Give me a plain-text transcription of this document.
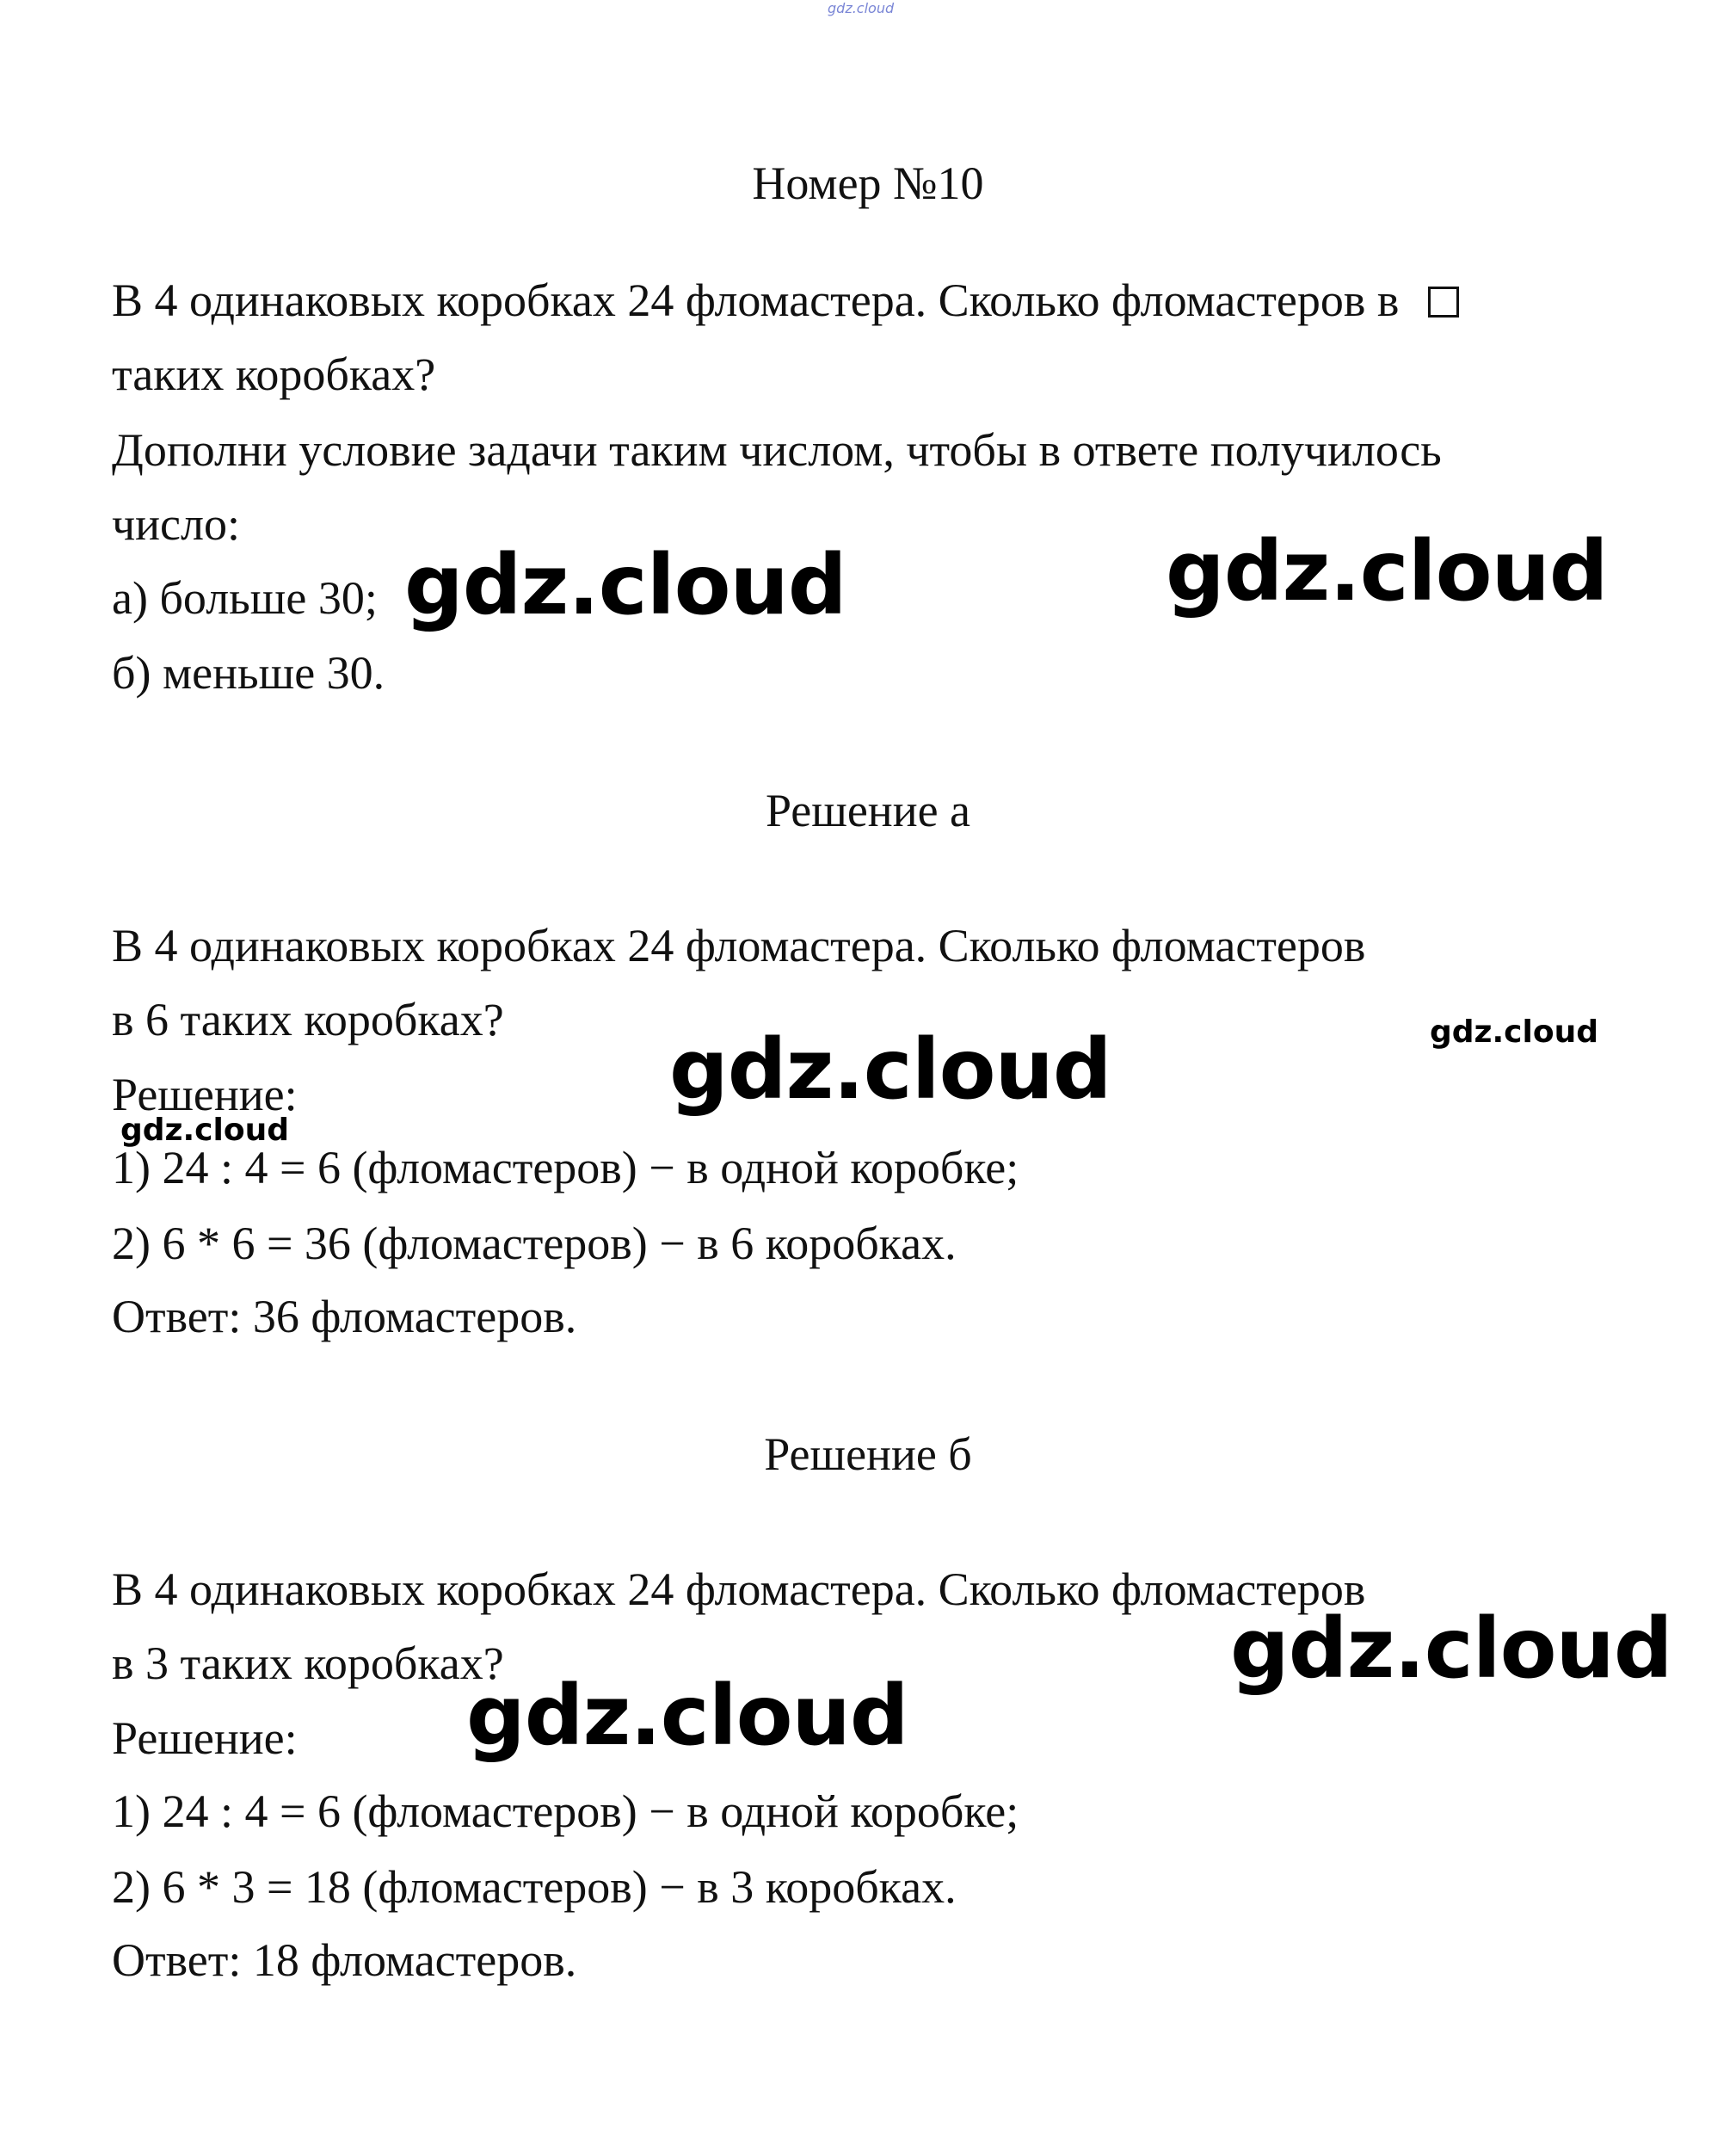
gdz.cloud
Номер №10
В 4 одинаковых коробках 24 фломастера. Сколько фломастеров в
таких коробках?
Дополни условие задачи таким числом, чтобы в ответе получилось
число:
а) больше 30;
б) меньше 30.
Решение а
В 4 одинаковых коробках 24 фломастера. Сколько фломастеров
в 6 таких коробках?
Решение:
1) 24 : 4 = 6 (фломастеров) − в одной коробке;
2) 6 * 6 = 36 (фломастеров) − в 6 коробках.
Ответ: 36 фломастеров.
Решение б
В 4 одинаковых коробках 24 фломастера. Сколько фломастеров
в 3 таких коробках?
Решение:
1) 24 : 4 = 6 (фломастеров) − в одной коробке;
2) 6 * 3 = 18 (фломастеров) − в 3 коробках.
Ответ: 18 фломастеров.
gdz.cloud	gdz.cloud
gdz.cloud
gdz.cloud
gdz.cloud
gdz.cloud
gdz.cloud
